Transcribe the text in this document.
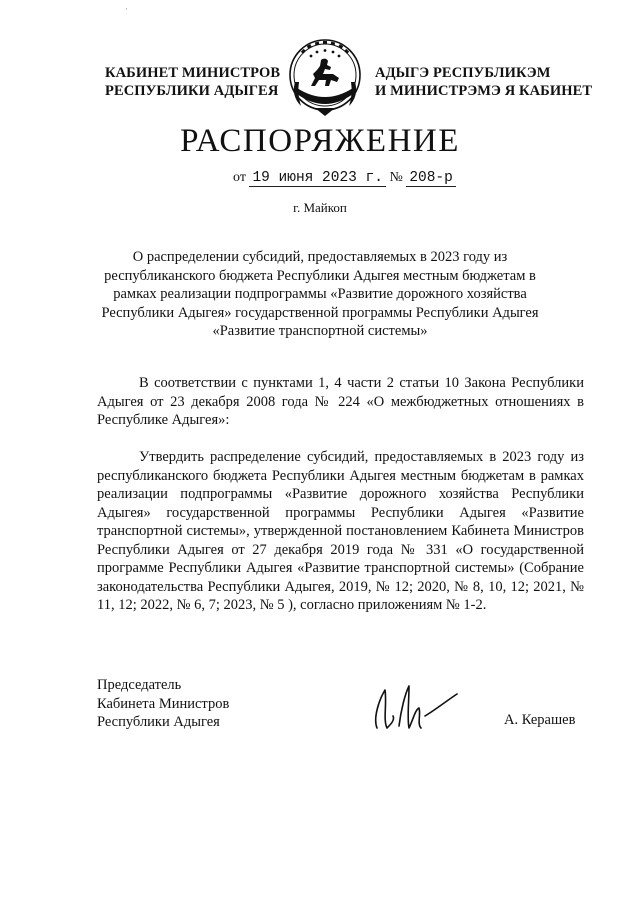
·
КАБИНЕТ МИНИСТРОВ
РЕСПУБЛИКИ АДЫГЕЯ
АДЫГЭ РЕСПУБЛИКЭМ
И МИНИСТРЭМЭ Я КАБИНЕТ
РАСПОРЯЖЕНИЕ
от 19 июня 2023 г. № 208-р
г. Майкоп
О распределении субсидий, предоставляемых в 2023 году из республиканского бюджета Республики Адыгея местным бюджетам в рамках реализации подпрограммы «Развитие дорожного хозяйства Республики Адыгея» государственной программы Республики Адыгея «Развитие транспортной системы»
В соответствии с пунктами 1, 4 части 2 статьи 10 Закона Республики Адыгея от 23 декабря 2008 года № 224 «О межбюджетных отношениях в Республике Адыгея»:
Утвердить распределение субсидий, предоставляемых в 2023 году из республиканского бюджета Республики Адыгея местным бюджетам в рамках реализации подпрограммы «Развитие дорожного хозяйства Республики Адыгея» государственной программы Республики Адыгея «Развитие транспортной системы», утвержденной постановлением Кабинета Министров Республики Адыгея от 27 декабря 2019 года № 331 «О государственной программе Республики Адыгея «Развитие транспортной системы» (Собрание законодательства Республики Адыгея, 2019, № 12; 2020, № 8, 10, 12; 2021, № 11, 12; 2022, № 6, 7; 2023, № 5 ), согласно приложениям № 1-2.
Председатель
Кабинета Министров
Республики Адыгея	А. Керашев
